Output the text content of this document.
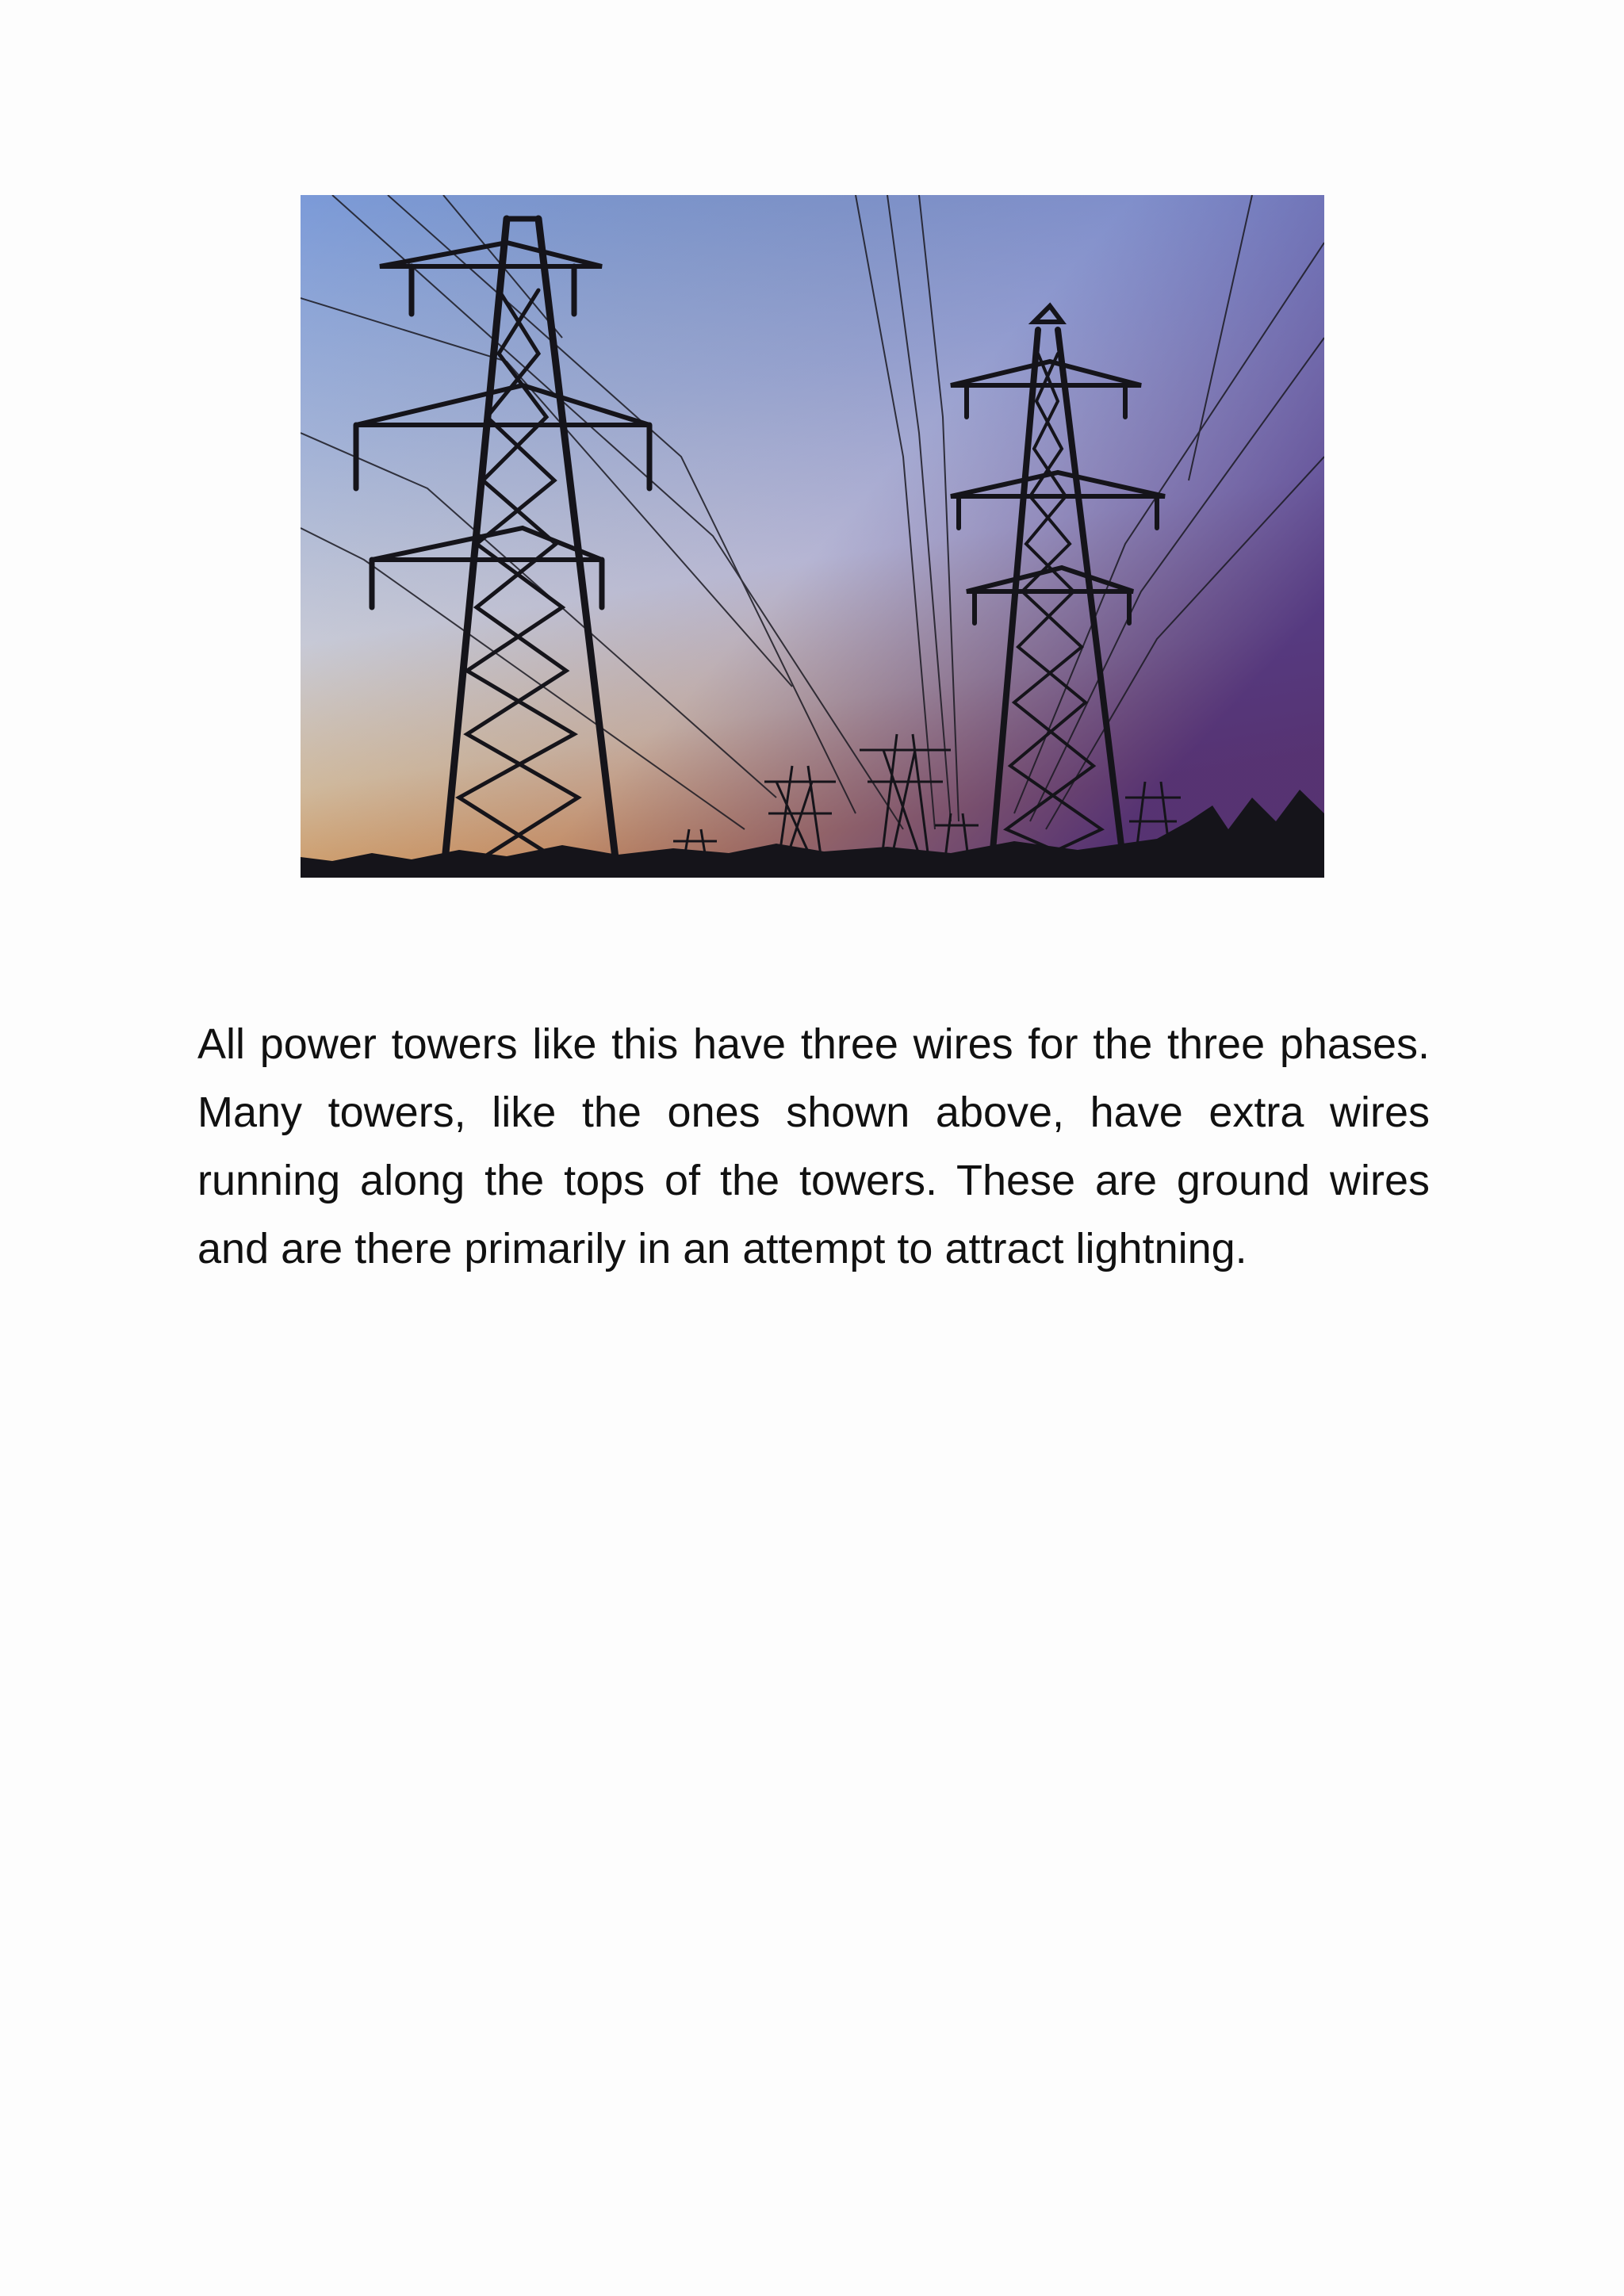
All power towers like this have three wires for the three phases. Many towers, like the ones shown above, have extra wires running along the tops of the towers. These are ground wires and are there primarily in an attempt to attract lightning.
